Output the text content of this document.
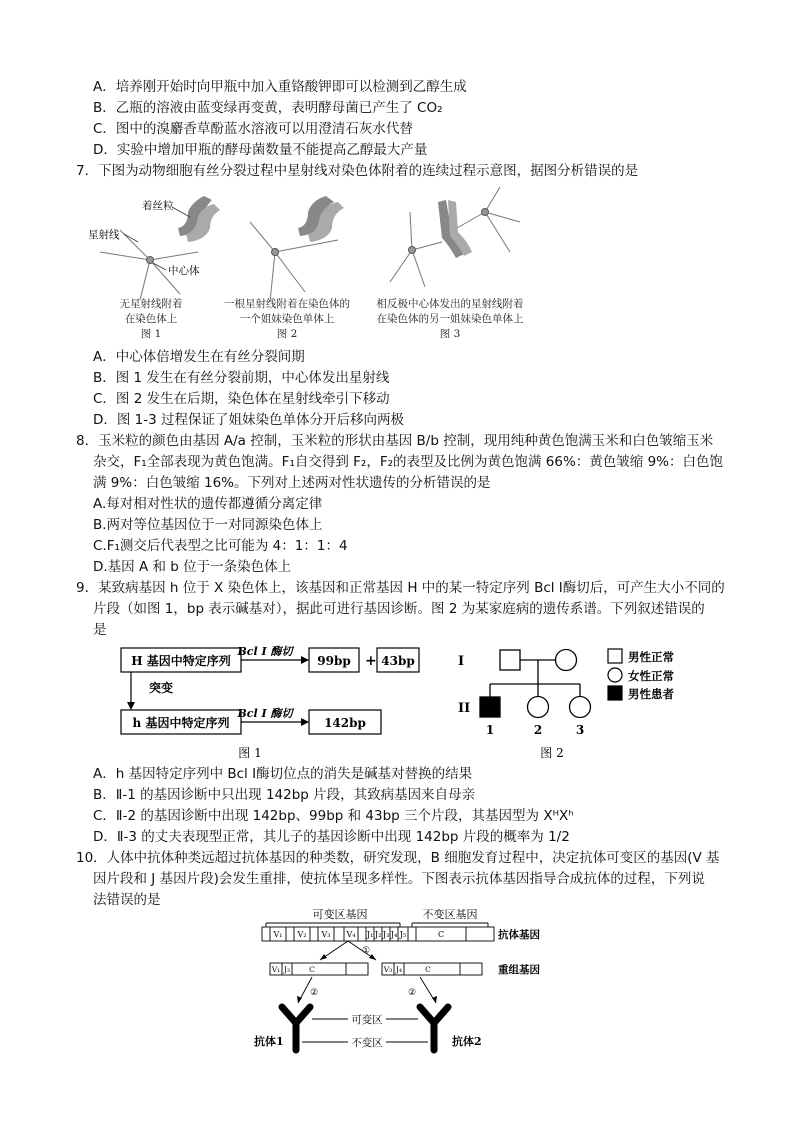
A．培养刚开始时向甲瓶中加入重铬酸钾即可以检测到乙醇生成
B．乙瓶的溶液由蓝变绿再变黄，表明酵母菌已产生了 CO₂
C．图中的溴麝香草酚蓝水溶液可以用澄清石灰水代替
D．实验中增加甲瓶的酵母菌数量不能提高乙醇最大产量
7．下图为动物细胞有丝分裂过程中星射线对染色体附着的连续过程示意图，据图分析错误的是
着丝粒
星射线
中心体
无星射线附着
在染色体上
图 1
一根星射线附着在染色体的
一个姐妹染色单体上
图 2
相反极中心体发出的星射线附着
在染色体的另一姐妹染色单体上
图 3
A．中心体倍增发生在有丝分裂间期
B．图 1 发生在有丝分裂前期，中心体发出星射线
C．图 2 发生在后期，染色体在星射线牵引下移动
D．图 1-3 过程保证了姐妹染色单体分开后移向两极
8．玉米粒的颜色由基因 A/a 控制，玉米粒的形状由基因 B/b 控制，现用纯种黄色饱满玉米和白色皱缩玉米
杂交，F₁全部表现为黄色饱满。F₁自交得到 F₂，F₂的表型及比例为黄色饱满 66%：黄色皱缩 9%：白色饱
满 9%：白色皱缩 16%。下列对上述两对性状遗传的分析错误的是
A.每对相对性状的遗传都遵循分离定律
B.两对等位基因位于一对同源染色体上
C.F₁测交后代表型之比可能为 4：1：1：4
D.基因 A 和 b 位于一条染色体上
9．某致病基因 h 位于 X 染色体上，该基因和正常基因 H 中的某一特定序列 Bcl I酶切后，可产生大小不同的
片段（如图 1，bp 表示碱基对），据此可进行基因诊断。图 2 为某家庭病的遗传系谱。下列叙述错误的
是
H 基因中特定序列
Bcl I 酶切
99bp + 43bp
突变
h 基因中特定序列
Bcl I 酶切
142bp
图 1
I
II
1	2	3
男性正常
女性正常
男性患者
图 2
A．h 基因特定序列中 Bcl I酶切位点的消失是碱基对替换的结果
B．Ⅱ-1 的基因诊断中只出现 142bp 片段，其致病基因来自母亲
C．Ⅱ-2 的基因诊断中出现 142bp、99bp 和 43bp 三个片段，其基因型为 XᴴXʰ
D．Ⅱ-3 的丈夫表现型正常，其儿子的基因诊断中出现 142bp 片段的概率为 1/2
10．人体中抗体种类远超过抗体基因的种类数，研究发现，B 细胞发育过程中，决定抗体可变区的基因(V 基
因片段和 J 基因片段)会发生重排，使抗体呈现多样性。下图表示抗体基因指导合成抗体的过程，下列说
法错误的是
可变区基因	不变区基因
V₁ V₂ V₃ V₄ J₁ J₂ J₃ J₄ J₅	C	抗体基因
①
V₁ J₃	C	V₃ J₄	C	重组基因
②	②
抗体1	抗体2
可变区
不变区
